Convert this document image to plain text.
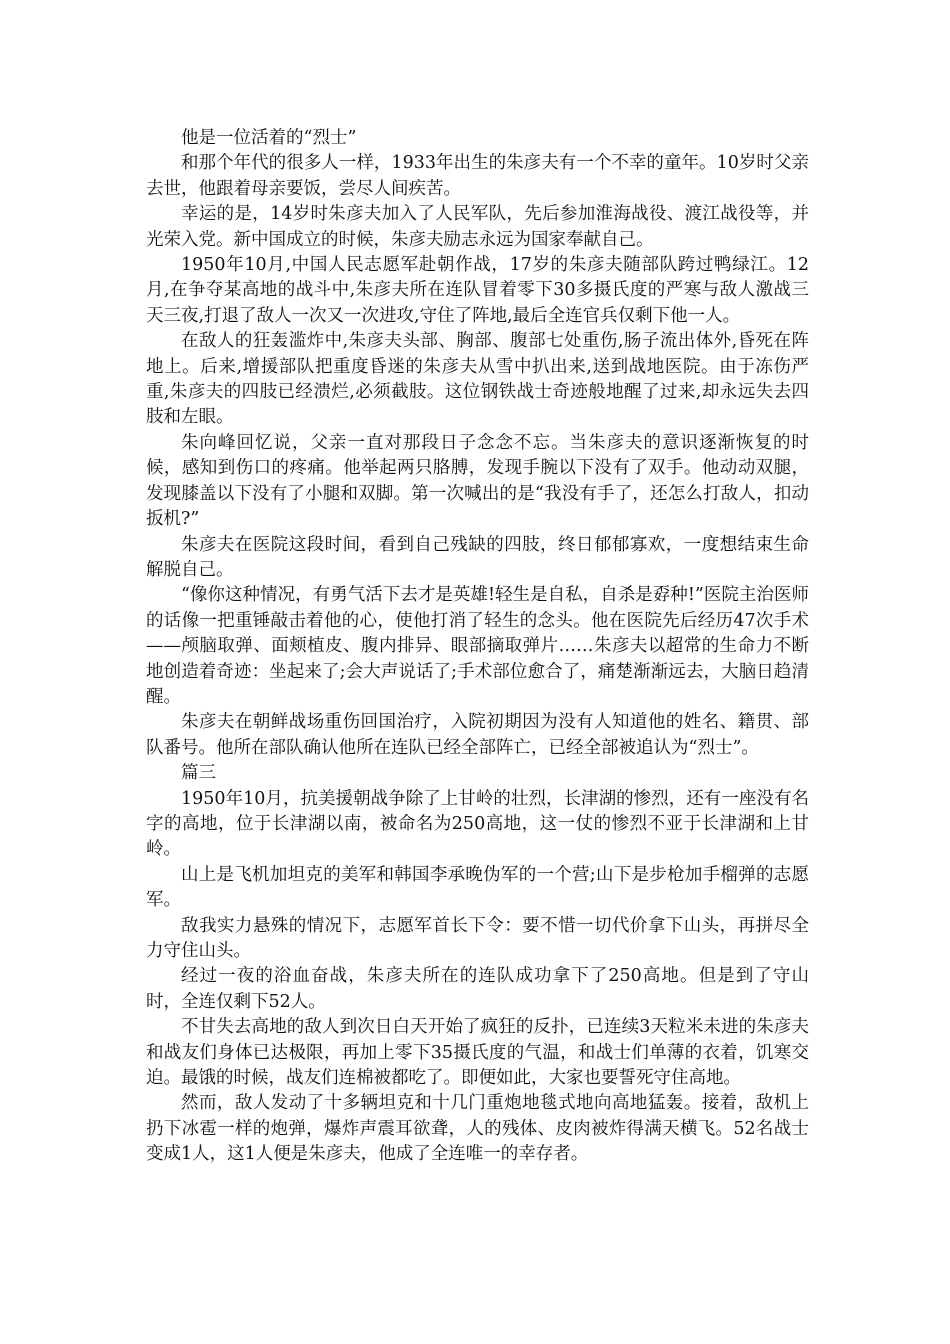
他是一位活着的“烈士”

和那个年代的很多人一样，1933年出生的朱彦夫有一个不幸的童年。10岁时父亲去世，他跟着母亲要饭，尝尽人间疾苦。

幸运的是，14岁时朱彦夫加入了人民军队，先后参加淮海战役、渡江战役等，并光荣入党。新中国成立的时候，朱彦夫励志永远为国家奉献自己。

1950年10月,中国人民志愿军赴朝作战，17岁的朱彦夫随部队跨过鸭绿江。12月,在争夺某高地的战斗中,朱彦夫所在连队冒着零下30多摄氏度的严寒与敌人激战三天三夜,打退了敌人一次又一次进攻,守住了阵地,最后全连官兵仅剩下他一人。

在敌人的狂轰滥炸中,朱彦夫头部、胸部、腹部七处重伤,肠子流出体外,昏死在阵地上。后来,增援部队把重度昏迷的朱彦夫从雪中扒出来,送到战地医院。由于冻伤严重,朱彦夫的四肢已经溃烂,必须截肢。这位钢铁战士奇迹般地醒了过来,却永远失去四肢和左眼。

朱向峰回忆说，父亲一直对那段日子念念不忘。当朱彦夫的意识逐渐恢复的时候，感知到伤口的疼痛。他举起两只胳膊，发现手腕以下没有了双手。他动动双腿，发现膝盖以下没有了小腿和双脚。第一次喊出的是“我没有手了，还怎么打敌人，扣动扳机?”

朱彦夫在医院这段时间，看到自己残缺的四肢，终日郁郁寡欢，一度想结束生命解脱自己。

“像你这种情况，有勇气活下去才是英雄!轻生是自私，自杀是孬种!”医院主治医师的话像一把重锤敲击着他的心，使他打消了轻生的念头。他在医院先后经历47次手术——颅脑取弹、面颊植皮、腹内排异、眼部摘取弹片……朱彦夫以超常的生命力不断地创造着奇迹：坐起来了;会大声说话了;手术部位愈合了，痛楚渐渐远去，大脑日趋清醒。

朱彦夫在朝鲜战场重伤回国治疗，入院初期因为没有人知道他的姓名、籍贯、部队番号。他所在部队确认他所在连队已经全部阵亡，已经全部被追认为“烈士”。

篇三

1950年10月，抗美援朝战争除了上甘岭的壮烈，长津湖的惨烈，还有一座没有名字的高地，位于长津湖以南，被命名为250高地，这一仗的惨烈不亚于长津湖和上甘岭。

山上是飞机加坦克的美军和韩国李承晚伪军的一个营;山下是步枪加手榴弹的志愿军。

敌我实力悬殊的情况下，志愿军首长下令：要不惜一切代价拿下山头，再拼尽全力守住山头。

经过一夜的浴血奋战，朱彦夫所在的连队成功拿下了250高地。但是到了守山时，全连仅剩下52人。

不甘失去高地的敌人到次日白天开始了疯狂的反扑，已连续3天粒米未进的朱彦夫和战友们身体已达极限，再加上零下35摄氏度的气温，和战士们单薄的衣着，饥寒交迫。最饿的时候，战友们连棉被都吃了。即便如此，大家也要誓死守住高地。

然而，敌人发动了十多辆坦克和十几门重炮地毯式地向高地猛轰。接着，敌机上扔下冰雹一样的炮弹，爆炸声震耳欲聋，人的残体、皮肉被炸得满天横飞。52名战士变成1人，这1人便是朱彦夫，他成了全连唯一的幸存者。
